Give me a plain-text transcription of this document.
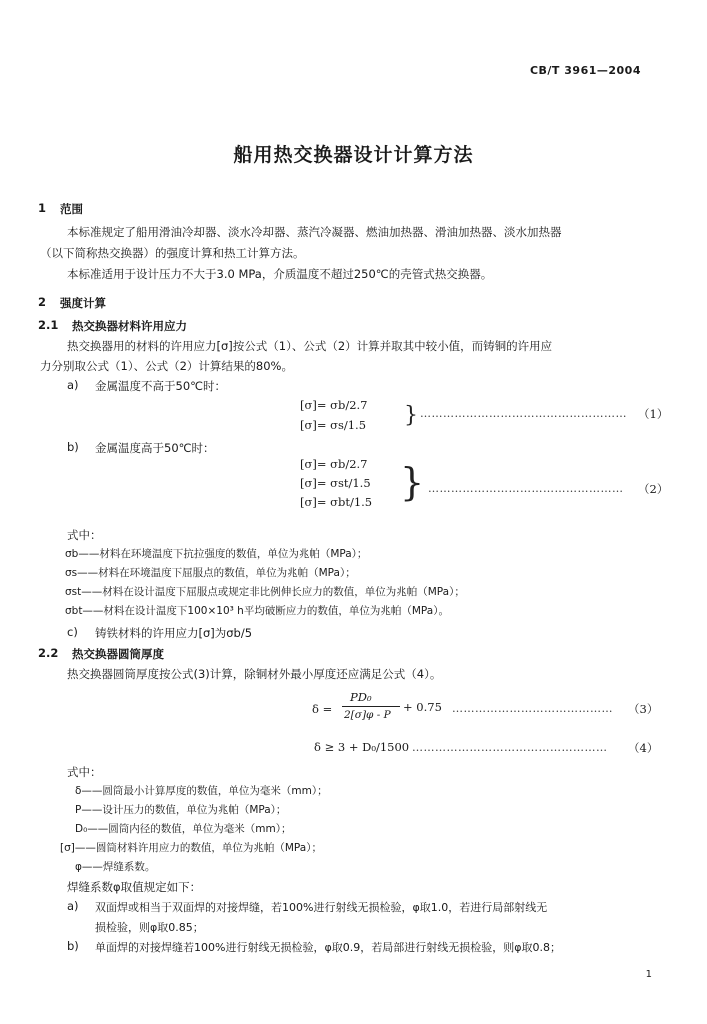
CB/T 3961—2004
船用热交换器设计计算方法
1 范围
本标准规定了船用滑油冷却器、淡水冷却器、蒸汽冷凝器、燃油加热器、滑油加热器、淡水加热器
（以下简称热交换器）的强度计算和热工计算方法。
本标准适用于设计压力不大于3.0 MPa，介质温度不超过250℃的壳管式热交换器。
2 强度计算
2.1 热交换器材料许用应力
热交换器用的材料的许用应力[σ]按公式（1）、公式（2）计算并取其中较小值，而铸铜的许用应
力分别取公式（1）、公式（2）计算结果的80%。
a) 金属温度不高于50℃时：
[σ]= σb/2.7
[σ]= σs/1.5 } ……………………………………………… （1）
b) 金属温度高于50℃时：
[σ]= σb/2.7
[σ]= σst/1.5
[σ]= σbt/1.5 } …………………………………………… （2）
式中：
σb——材料在环境温度下抗拉强度的数值，单位为兆帕（MPa）；
σs——材料在环境温度下屈服点的数值，单位为兆帕（MPa）；
σst——材料在设计温度下屈服点或规定非比例伸长应力的数值，单位为兆帕（MPa）；
σbt——材料在设计温度下100×10³ h平均破断应力的数值，单位为兆帕（MPa）。
c) 铸铁材料的许用应力[σ]为σb/5
2.2 热交换器圆筒厚度
热交换器圆筒厚度按公式(3)计算，除铜材外最小厚度还应满足公式（4）。
δ =
PD₀
2[σ]φ - P
+ 0.75 …………………………………… （3）
δ ≥ 3 + D₀/1500 …………………………………………… （4）
式中：
δ——圆筒最小计算厚度的数值，单位为毫米（mm）；
P——设计压力的数值，单位为兆帕（MPa）；
D₀——圆筒内径的数值，单位为毫米（mm）；
[σ]——圆筒材料许用应力的数值，单位为兆帕（MPa）；
φ——焊缝系数。
焊缝系数φ取值规定如下：
a) 双面焊或相当于双面焊的对接焊缝，若100%进行射线无损检验，φ取1.0，若进行局部射线无
损检验，则φ取0.85；
b) 单面焊的对接焊缝若100%进行射线无损检验，φ取0.9，若局部进行射线无损检验，则φ取0.8；
1
